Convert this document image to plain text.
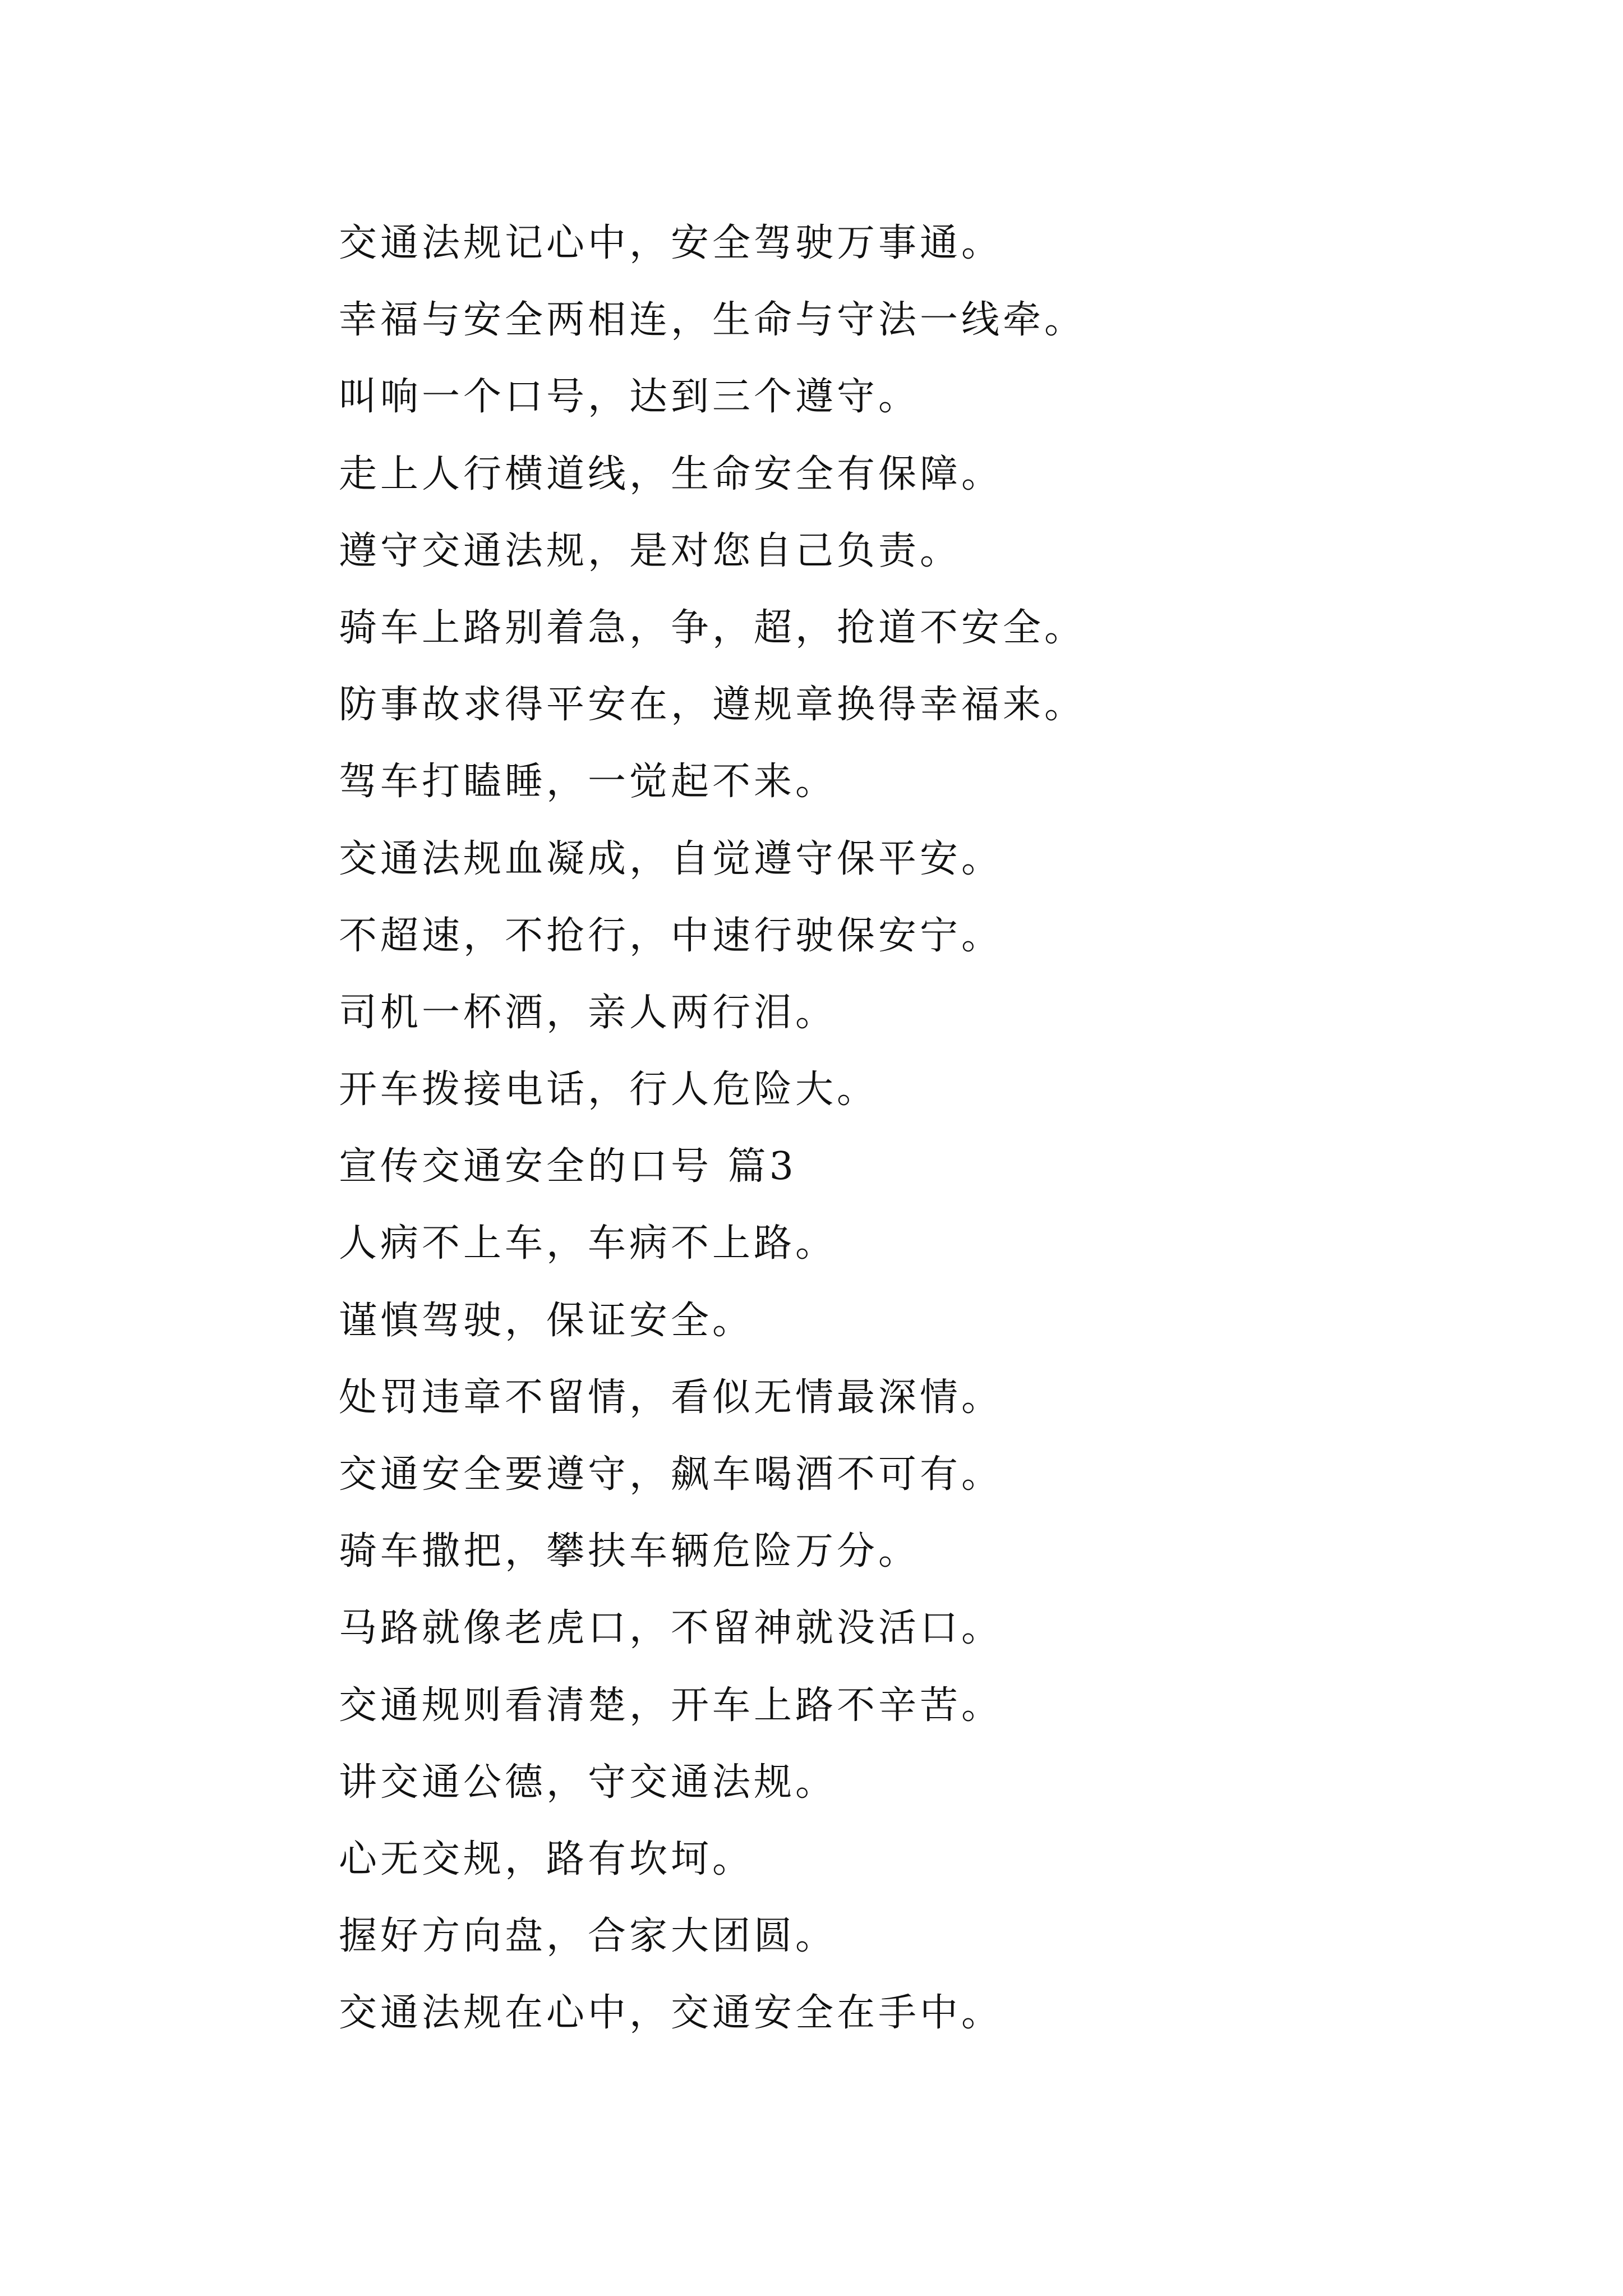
交通法规记心中，安全驾驶万事通。
幸福与安全两相连，生命与守法一线牵。
叫响一个口号，达到三个遵守。
走上人行横道线，生命安全有保障。
遵守交通法规，是对您自己负责。
骑车上路别着急，争，超，抢道不安全。
防事故求得平安在，遵规章换得幸福来。
驾车打瞌睡，一觉起不来。
交通法规血凝成，自觉遵守保平安。
不超速，不抢行，中速行驶保安宁。
司机一杯酒，亲人两行泪。
开车拨接电话，行人危险大。
宣传交通安全的口号 篇3
人病不上车，车病不上路。
谨慎驾驶，保证安全。
处罚违章不留情，看似无情最深情。
交通安全要遵守，飙车喝酒不可有。
骑车撒把，攀扶车辆危险万分。
马路就像老虎口，不留神就没活口。
交通规则看清楚，开车上路不辛苦。
讲交通公德，守交通法规。
心无交规，路有坎坷。
握好方向盘，合家大团圆。
交通法规在心中，交通安全在手中。
